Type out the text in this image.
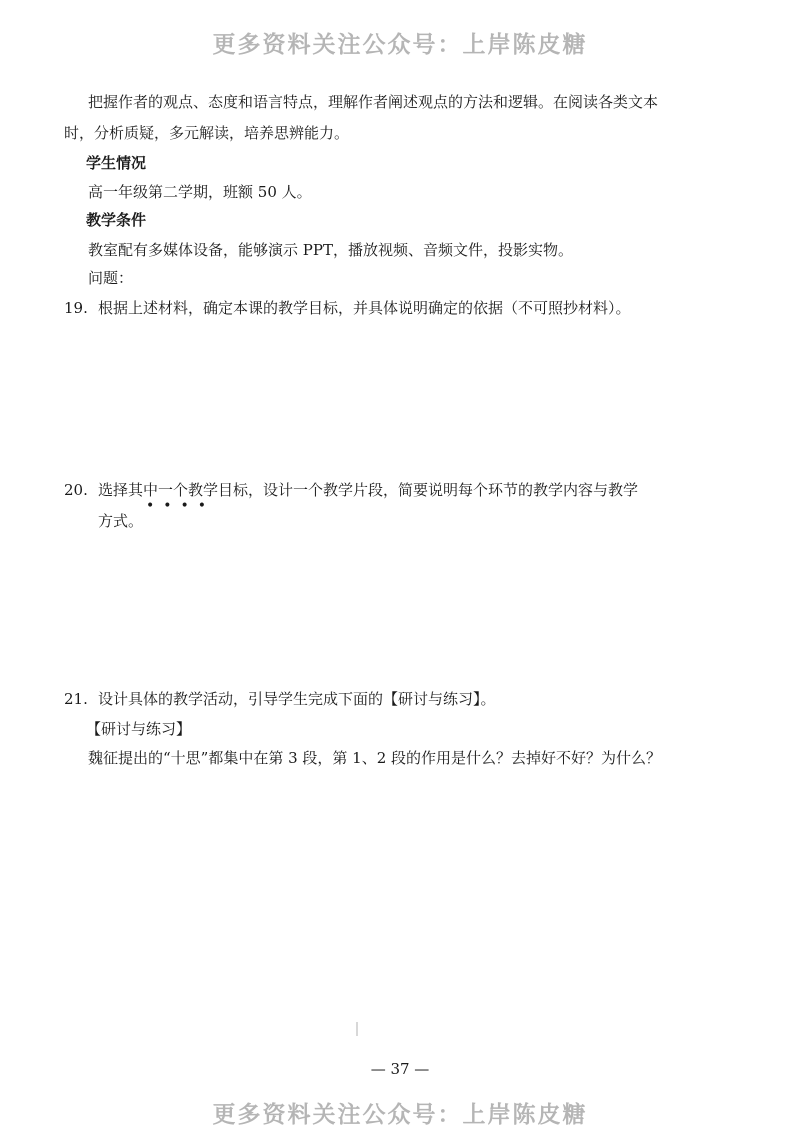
更多资料关注公众号：上岸陈皮糖
把握作者的观点、态度和语言特点，理解作者阐述观点的方法和逻辑。在阅读各类文本
时，分析质疑，多元解读，培养思辨能力。
学生情况
高一年级第二学期，班额 50 人。
教学条件
教室配有多媒体设备，能够演示 PPT，播放视频、音频文件，投影实物。
问题：
19. 根据上述材料，确定本课的教学目标，并具体说明确定的依据（不可照抄材料）。
20. 选择其中一个教学目标，设计一个教学片段，简要说明每个环节的教学内容与教学
••••
方式。
21. 设计具体的教学活动，引导学生完成下面的【研讨与练习】。
【研讨与练习】
魏征提出的“十思”都集中在第 3 段，第 1、2 段的作用是什么？去掉好不好？为什么？
— 37 —
更多资料关注公众号：上岸陈皮糖
